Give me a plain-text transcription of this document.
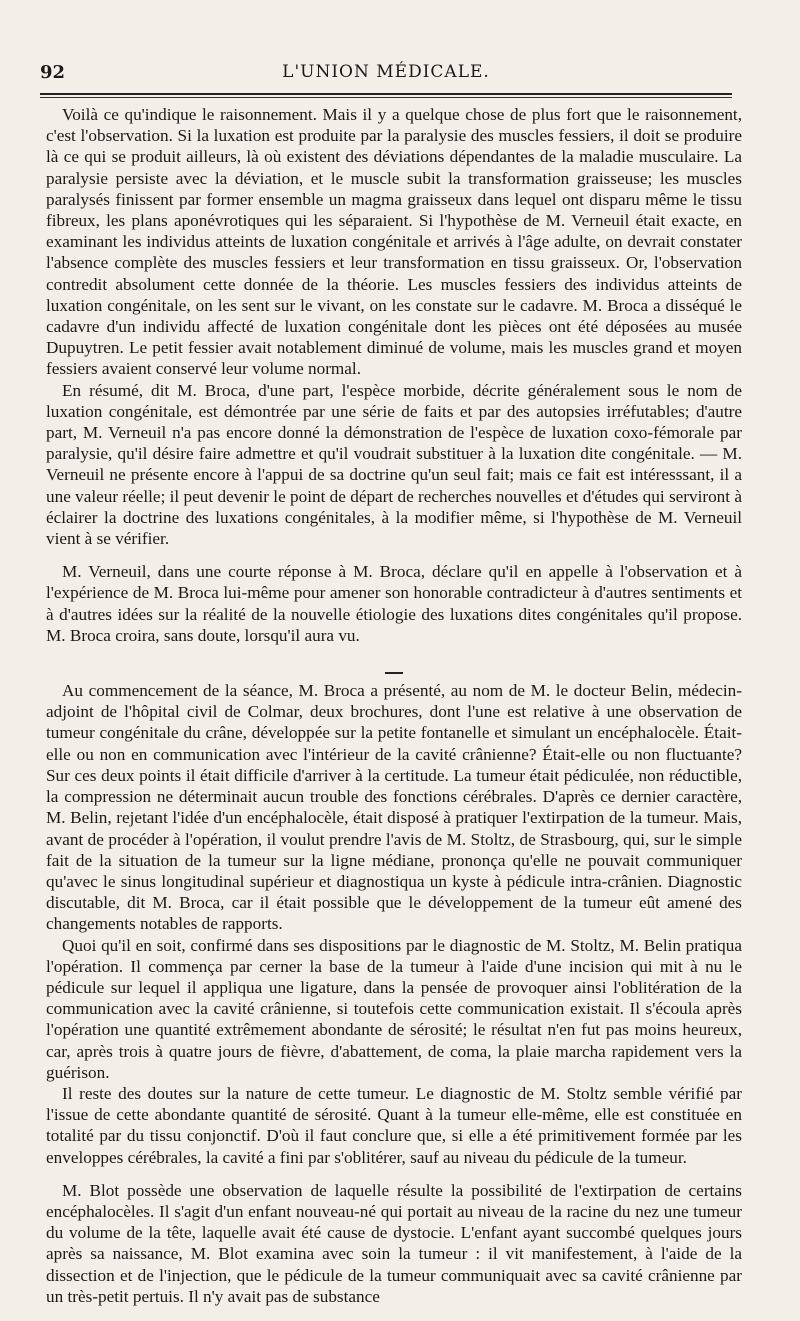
92	L'UNION MÉDICALE.

Voilà ce qu'indique le raisonnement. Mais il y a quelque chose de plus fort que le raisonnement, c'est l'observation. Si la luxation est produite par la paralysie des muscles fessiers, il doit se produire là ce qui se produit ailleurs, là où existent des déviations dépendantes de la maladie musculaire. La paralysie persiste avec la déviation, et le muscle subit la transformation graisseuse; les muscles paralysés finissent par former ensemble un magma graisseux dans lequel ont disparu même le tissu fibreux, les plans aponévrotiques qui les séparaient. Si l'hypothèse de M. Verneuil était exacte, en examinant les individus atteints de luxation congénitale et arrivés à l'âge adulte, on devrait constater l'absence complète des muscles fessiers et leur transformation en tissu graisseux. Or, l'observation contredit absolument cette donnée de la théorie. Les muscles fessiers des individus atteints de luxation congénitale, on les sent sur le vivant, on les constate sur le cadavre. M. Broca a disséqué le cadavre d'un individu affecté de luxation congénitale dont les pièces ont été déposées au musée Dupuytren. Le petit fessier avait notablement diminué de volume, mais les muscles grand et moyen fessiers avaient conservé leur volume normal.

En résumé, dit M. Broca, d'une part, l'espèce morbide, décrite généralement sous le nom de luxation congénitale, est démontrée par une série de faits et par des autopsies irréfutables; d'autre part, M. Verneuil n'a pas encore donné la démonstration de l'espèce de luxation coxo-fémorale par paralysie, qu'il désire faire admettre et qu'il voudrait substituer à la luxation dite congénitale. — M. Verneuil ne présente encore à l'appui de sa doctrine qu'un seul fait; mais ce fait est intéresssant, il a une valeur réelle; il peut devenir le point de départ de recherches nouvelles et d'études qui serviront à éclairer la doctrine des luxations congénitales, à la modifier même, si l'hypothèse de M. Verneuil vient à se vérifier.

M. Verneuil, dans une courte réponse à M. Broca, déclare qu'il en appelle à l'observation et à l'expérience de M. Broca lui-même pour amener son honorable contradicteur à d'autres sentiments et à d'autres idées sur la réalité de la nouvelle étiologie des luxations dites congénitales qu'il propose. M. Broca croira, sans doute, lorsqu'il aura vu.

Au commencement de la séance, M. Broca a présenté, au nom de M. le docteur Belin, médecin-adjoint de l'hôpital civil de Colmar, deux brochures, dont l'une est relative à une observation de tumeur congénitale du crâne, développée sur la petite fontanelle et simulant un encéphalocèle. Était-elle ou non en communication avec l'intérieur de la cavité crânienne? Était-elle ou non fluctuante? Sur ces deux points il était difficile d'arriver à la certitude. La tumeur était pédiculée, non réductible, la compression ne déterminait aucun trouble des fonctions cérébrales. D'après ce dernier caractère, M. Belin, rejetant l'idée d'un encéphalocèle, était disposé à pratiquer l'extirpation de la tumeur. Mais, avant de procéder à l'opération, il voulut prendre l'avis de M. Stoltz, de Strasbourg, qui, sur le simple fait de la situation de la tumeur sur la ligne médiane, prononça qu'elle ne pouvait communiquer qu'avec le sinus longitudinal supérieur et diagnostiqua un kyste à pédicule intra-crânien. Diagnostic discutable, dit M. Broca, car il était possible que le développement de la tumeur eût amené des changements notables de rapports.

Quoi qu'il en soit, confirmé dans ses dispositions par le diagnostic de M. Stoltz, M. Belin pratiqua l'opération. Il commença par cerner la base de la tumeur à l'aide d'une incision qui mit à nu le pédicule sur lequel il appliqua une ligature, dans la pensée de provoquer ainsi l'oblitération de la communication avec la cavité crânienne, si toutefois cette communication existait. Il s'écoula après l'opération une quantité extrêmement abondante de sérosité; le résultat n'en fut pas moins heureux, car, après trois à quatre jours de fièvre, d'abattement, de coma, la plaie marcha rapidement vers la guérison.

Il reste des doutes sur la nature de cette tumeur. Le diagnostic de M. Stoltz semble vérifié par l'issue de cette abondante quantité de sérosité. Quant à la tumeur elle-même, elle est constituée en totalité par du tissu conjonctif. D'où il faut conclure que, si elle a été primitivement formée par les enveloppes cérébrales, la cavité a fini par s'oblitérer, sauf au niveau du pédicule de la tumeur.

M. Blot possède une observation de laquelle résulte la possibilité de l'extirpation de certains encéphalocèles. Il s'agit d'un enfant nouveau-né qui portait au niveau de la racine du nez une tumeur du volume de la tête, laquelle avait été cause de dystocie. L'enfant ayant succombé quelques jours après sa naissance, M. Blot examina avec soin la tumeur : il vit manifestement, à l'aide de la dissection et de l'injection, que le pédicule de la tumeur communiquait avec sa cavité crânienne par un très-petit pertuis. Il n'y avait pas de substance
